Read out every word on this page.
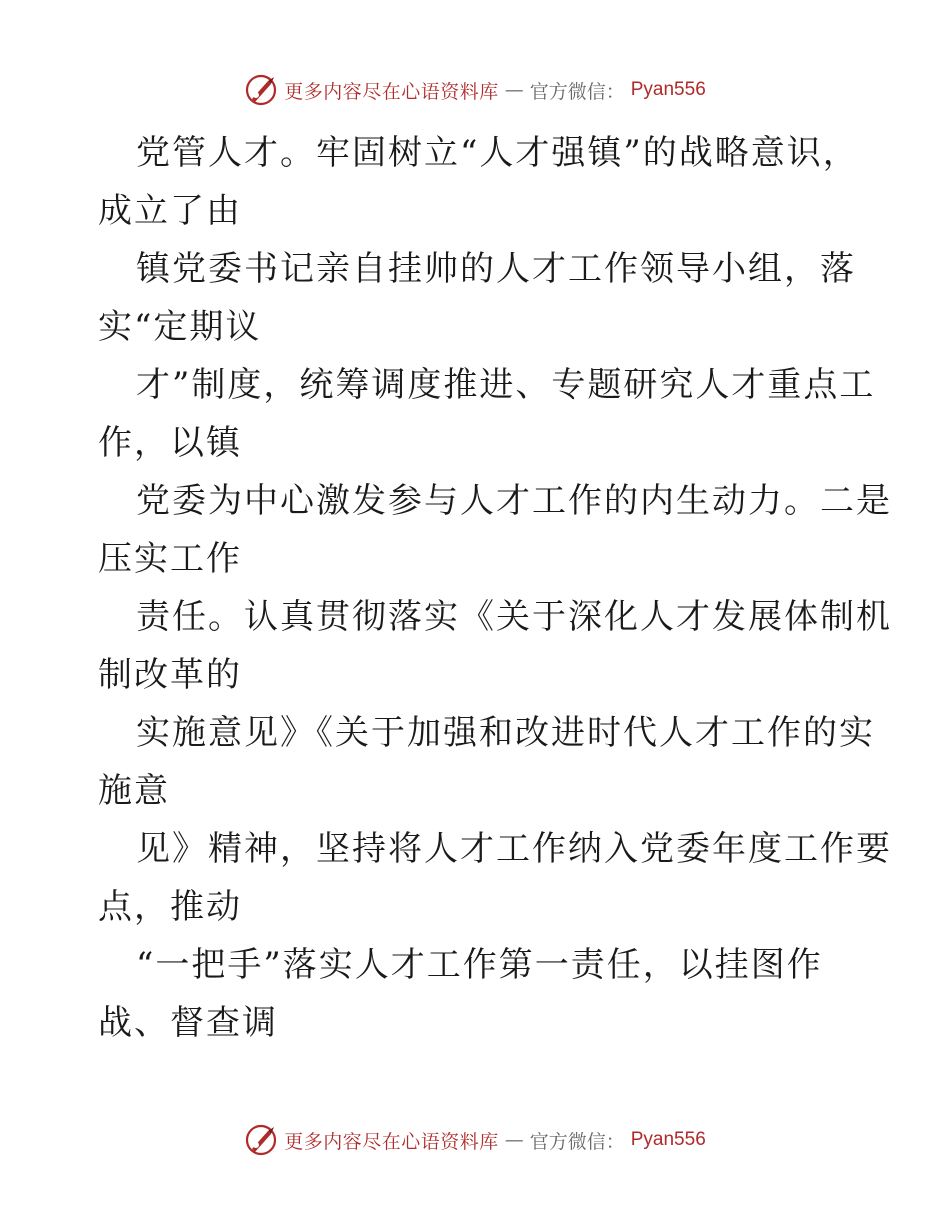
更多内容尽在心语资料库 — 官方微信： Pyan556
党管人才。牢固树立“人才强镇”的战略意识，
成立了由
镇党委书记亲自挂帅的人才工作领导小组，落
实“定期议
才”制度，统筹调度推进、专题研究人才重点工
作，以镇
党委为中心激发参与人才工作的内生动力。二是
压实工作
责任。认真贯彻落实《关于深化人才发展体制机
制改革的
实施意见》《关于加强和改进时代人才工作的实
施意
见》精神，坚持将人才工作纳入党委年度工作要
点，推动
“一把手”落实人才工作第一责任，以挂图作
战、督查调
更多内容尽在心语资料库 — 官方微信： Pyan556
